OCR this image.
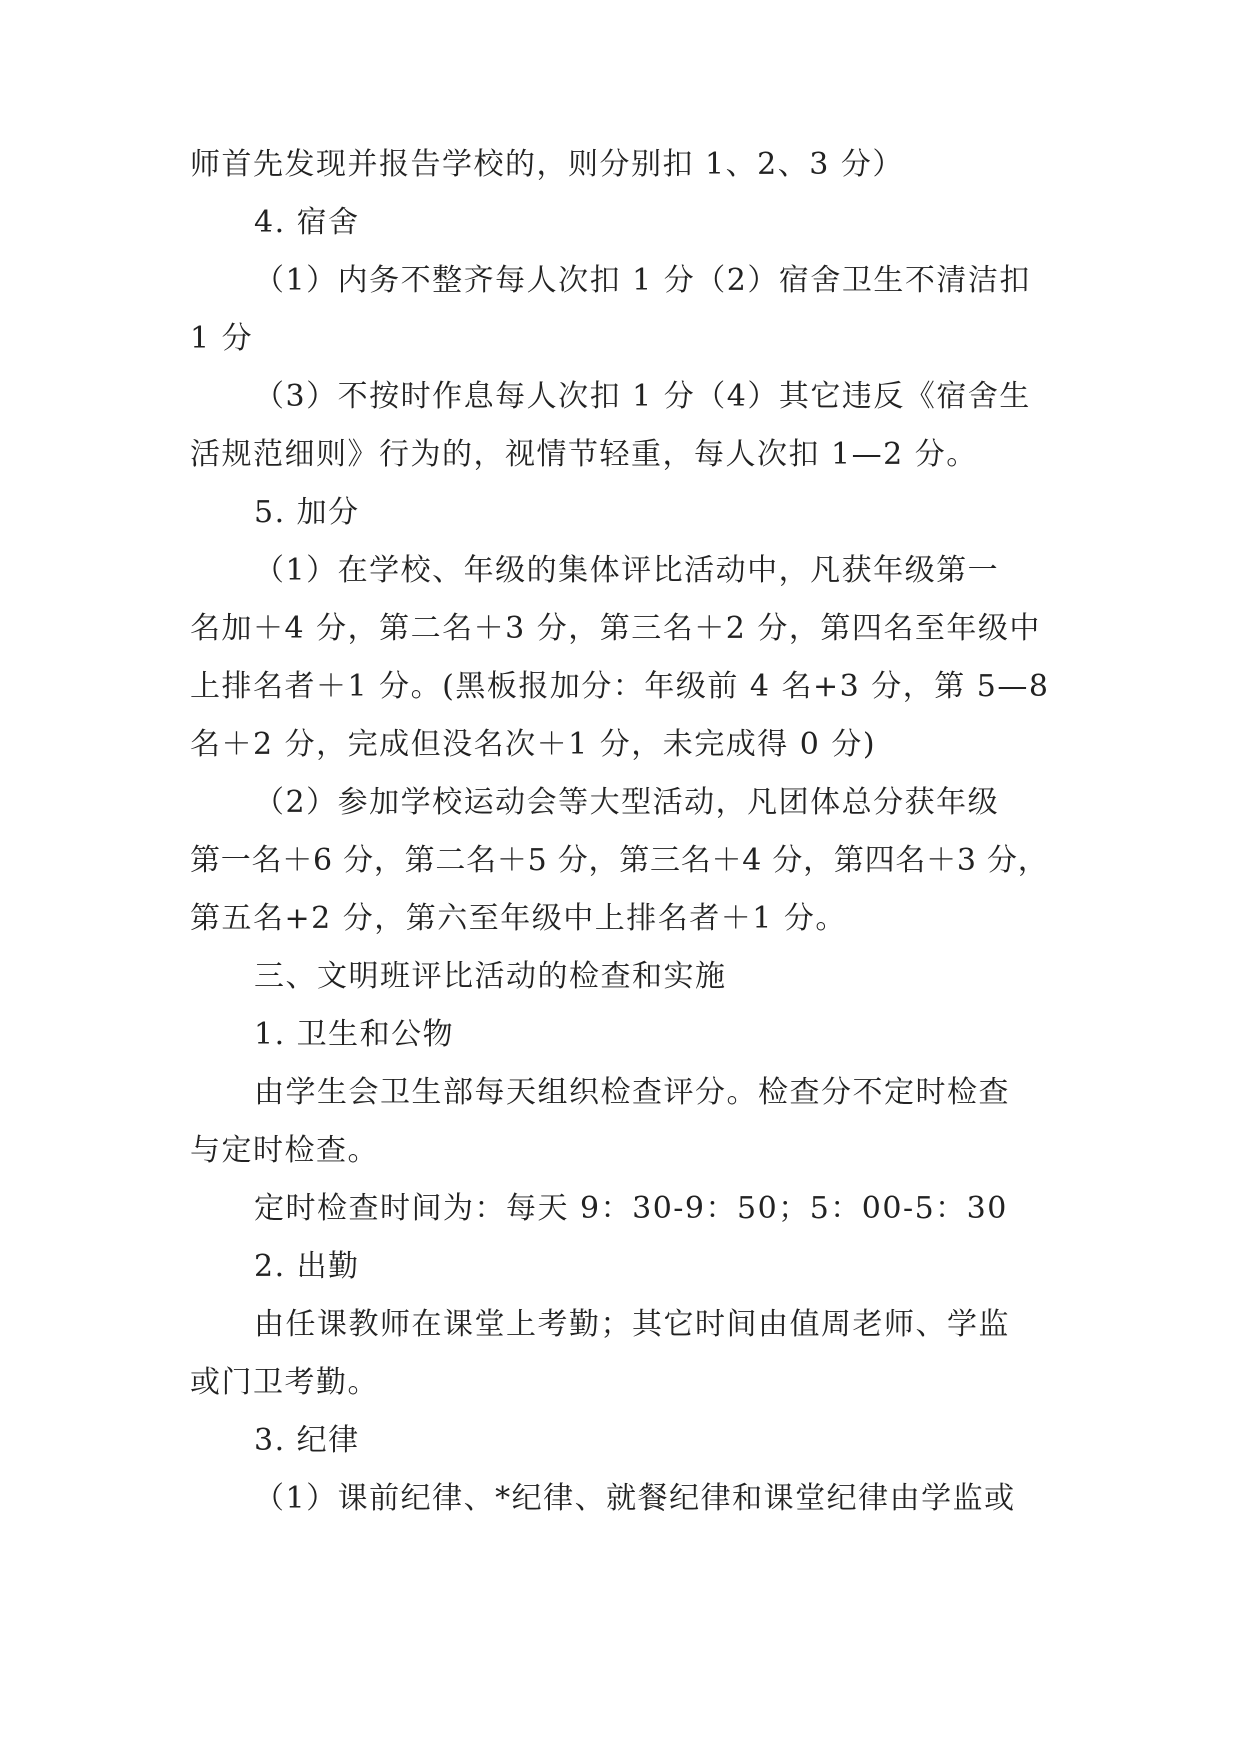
师首先发现并报告学校的，则分别扣 1、2、3 分）
4. 宿舍
（1）内务不整齐每人次扣 1 分（2）宿舍卫生不清洁扣
1 分
（3）不按时作息每人次扣 1 分（4）其它违反《宿舍生
活规范细则》行为的，视情节轻重，每人次扣 1—2 分。
5. 加分
（1）在学校、年级的集体评比活动中，凡获年级第一
名加＋4 分，第二名＋3 分，第三名＋2 分，第四名至年级中
上排名者＋1 分。(黑板报加分：年级前 4 名+3 分，第 5—8
名＋2 分，完成但没名次＋1 分，未完成得 0 分)
（2）参加学校运动会等大型活动，凡团体总分获年级
第一名＋6 分，第二名＋5 分，第三名＋4 分，第四名＋3 分，
第五名+2 分，第六至年级中上排名者＋1 分。
三、文明班评比活动的检查和实施
1. 卫生和公物
由学生会卫生部每天组织检查评分。检查分不定时检查
与定时检查。
定时检查时间为：每天 9：30-9：50；5：00-5：30
2. 出勤
由任课教师在课堂上考勤；其它时间由值周老师、学监
或门卫考勤。
3. 纪律
（1）课前纪律、*纪律、就餐纪律和课堂纪律由学监或
